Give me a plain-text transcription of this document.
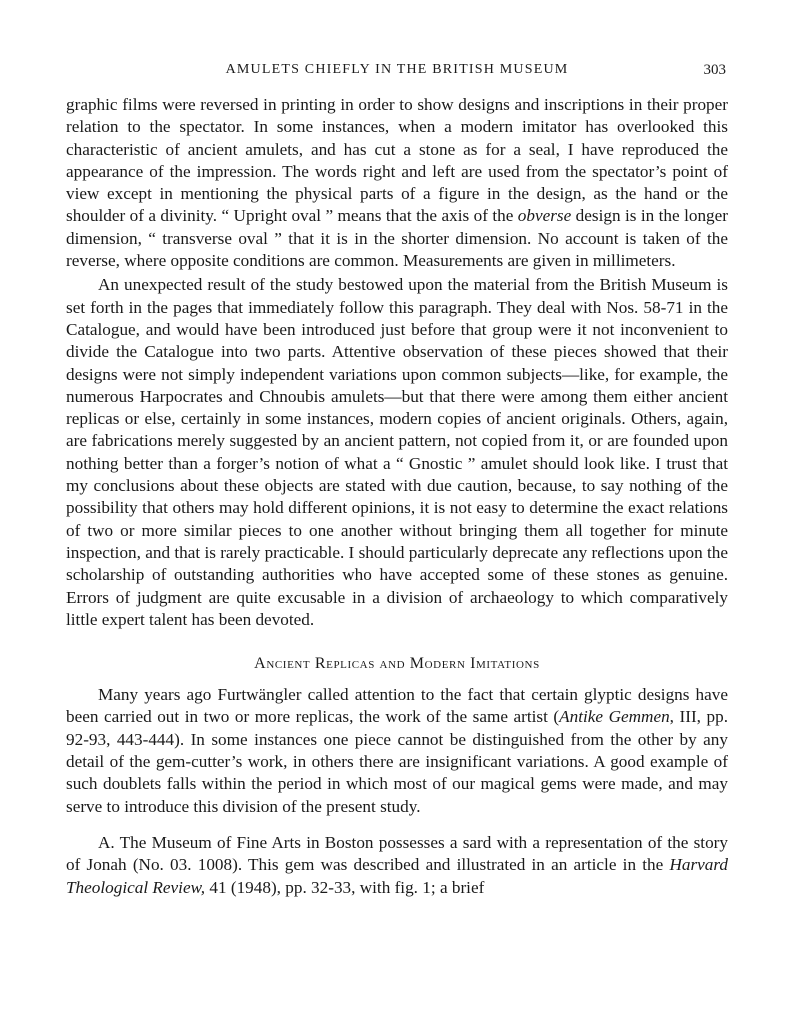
AMULETS CHIEFLY IN THE BRITISH MUSEUM	303

graphic films were reversed in printing in order to show designs and inscriptions in their proper relation to the spectator. In some instances, when a modern imitator has overlooked this characteristic of ancient amulets, and has cut a stone as for a seal, I have reproduced the appearance of the impression. The words right and left are used from the spectator’s point of view except in mentioning the physical parts of a figure in the design, as the hand or the shoulder of a divinity. “ Upright oval ” means that the axis of the obverse design is in the longer dimension, “ transverse oval ” that it is in the shorter dimension. No account is taken of the reverse, where opposite conditions are common. Measurements are given in millimeters.

An unexpected result of the study bestowed upon the material from the British Museum is set forth in the pages that immediately follow this paragraph. They deal with Nos. 58-71 in the Catalogue, and would have been introduced just before that group were it not inconvenient to divide the Catalogue into two parts. Attentive observation of these pieces showed that their designs were not simply independent variations upon common subjects—like, for example, the numerous Harpocrates and Chnoubis amulets—but that there were among them either ancient replicas or else, certainly in some instances, modern copies of ancient originals. Others, again, are fabrications merely suggested by an ancient pattern, not copied from it, or are founded upon nothing better than a forger’s notion of what a “ Gnostic ” amulet should look like. I trust that my conclusions about these objects are stated with due caution, because, to say nothing of the possibility that others may hold different opinions, it is not easy to determine the exact relations of two or more similar pieces to one another without bringing them all together for minute inspection, and that is rarely practicable. I should particularly deprecate any reflections upon the scholarship of outstanding authorities who have accepted some of these stones as genuine. Errors of judgment are quite excusable in a division of archaeology to which comparatively little expert talent has been devoted.

Ancient Replicas and Modern Imitations

Many years ago Furtwängler called attention to the fact that certain glyptic designs have been carried out in two or more replicas, the work of the same artist (Antike Gemmen, III, pp. 92-93, 443-444). In some instances one piece cannot be distinguished from the other by any detail of the gem-cutter’s work, in others there are insignificant variations. A good example of such doublets falls within the period in which most of our magical gems were made, and may serve to introduce this division of the present study.

A. The Museum of Fine Arts in Boston possesses a sard with a representation of the story of Jonah (No. 03. 1008). This gem was described and illustrated in an article in the Harvard Theological Review, 41 (1948), pp. 32-33, with fig. 1; a brief
